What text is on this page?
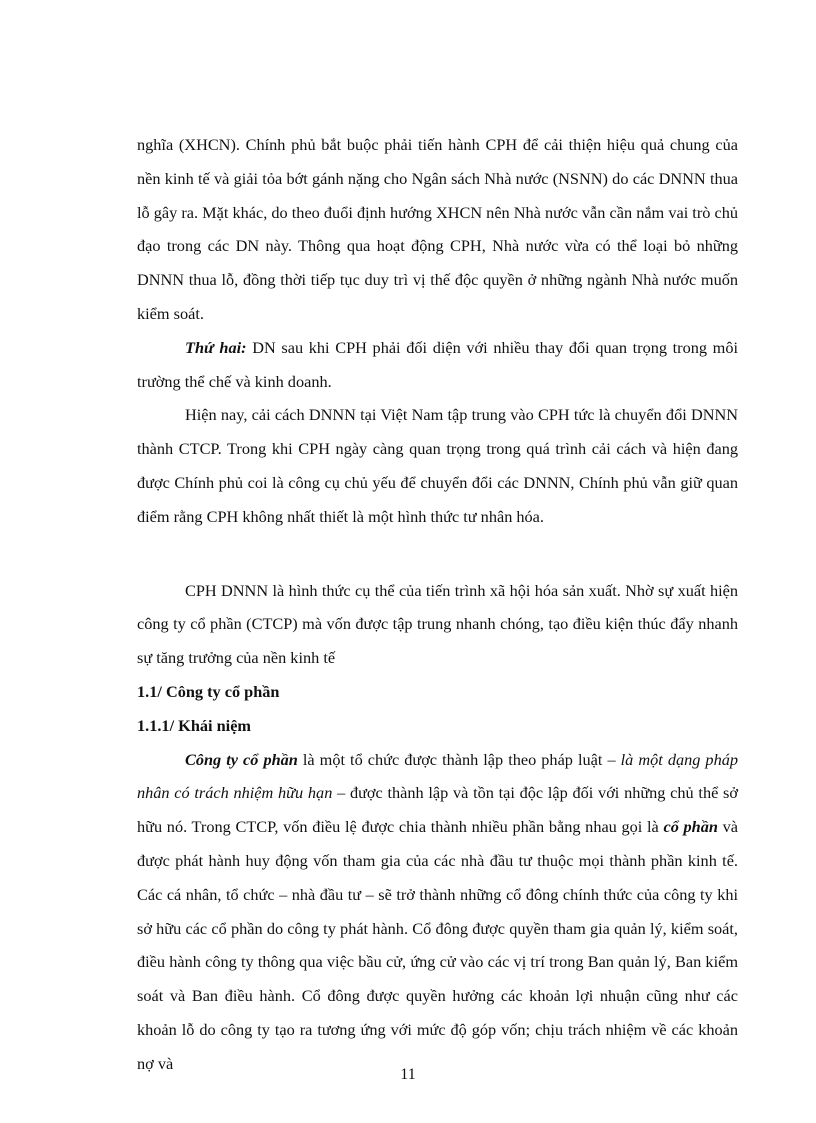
nghĩa (XHCN). Chính phủ bắt buộc phải tiến hành CPH để cải thiện hiệu quả chung của nền kinh tế và giải tỏa bớt gánh nặng cho Ngân sách Nhà nước (NSNN) do các DNNN thua lỗ gây ra. Mặt khác, do theo đuổi định hướng XHCN nên Nhà nước vẫn cần nắm vai trò chủ đạo trong các DN này. Thông qua hoạt động CPH, Nhà nước vừa có thể loại bỏ những DNNN thua lỗ, đồng thời tiếp tục duy trì vị thế độc quyền ở những ngành Nhà nước muốn kiểm soát.

Thứ hai: DN sau khi CPH phải đối diện với nhiều thay đổi quan trọng trong môi trường thể chế và kinh doanh.

Hiện nay, cải cách DNNN tại Việt Nam tập trung vào CPH tức là chuyển đổi DNNN thành CTCP. Trong khi CPH ngày càng quan trọng trong quá trình cải cách và hiện đang được Chính phủ coi là công cụ chủ yếu để chuyển đổi các DNNN, Chính phủ vẫn giữ quan điểm rằng CPH không nhất thiết là một hình thức tư nhân hóa.

CPH DNNN là hình thức cụ thể của tiến trình xã hội hóa sản xuất. Nhờ sự xuất hiện công ty cổ phần (CTCP) mà vốn được tập trung nhanh chóng, tạo điều kiện thúc đẩy nhanh sự tăng trưởng của nền kinh tế

1.1/ Công ty cổ phần
1.1.1/ Khái niệm

Công ty cổ phần là một tổ chức được thành lập theo pháp luật – là một dạng pháp nhân có trách nhiệm hữu hạn – được thành lập và tồn tại độc lập đối với những chủ thể sở hữu nó. Trong CTCP, vốn điều lệ được chia thành nhiều phần bằng nhau gọi là cổ phần và được phát hành huy động vốn tham gia của các nhà đầu tư thuộc mọi thành phần kinh tế. Các cá nhân, tổ chức – nhà đầu tư – sẽ trở thành những cổ đông chính thức của công ty khi sở hữu các cổ phần do công ty phát hành. Cổ đông được quyền tham gia quản lý, kiểm soát, điều hành công ty thông qua việc bầu cử, ứng cử vào các vị trí trong Ban quản lý, Ban kiểm soát và Ban điều hành. Cổ đông được quyền hưởng các khoản lợi nhuận cũng như các khoản lỗ do công ty tạo ra tương ứng với mức độ góp vốn; chịu trách nhiệm về các khoản nợ và

11
